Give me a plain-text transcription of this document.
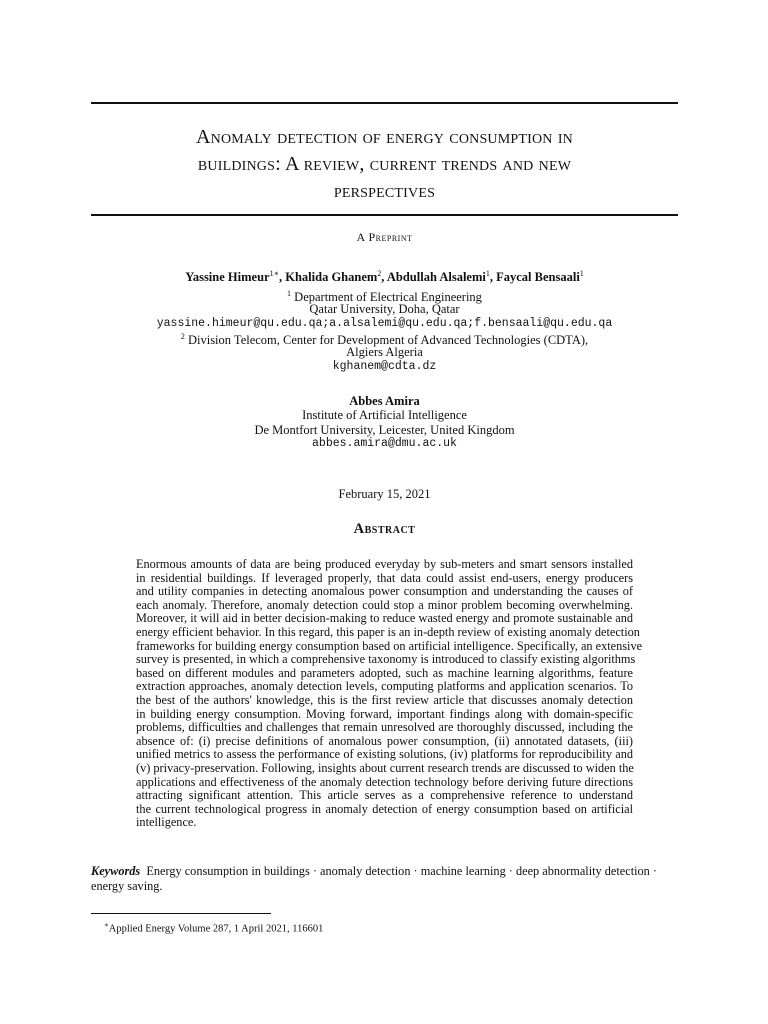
Anomaly detection of energy consumption in
buildings: A review, current trends and new
perspectives
A Preprint
Yassine Himeur$^{1∗}$, Khalida Ghanem$^2$, Abdullah Alsalemi$^1$, Faycal Bensaali$^1$
$^1$ Department of Electrical Engineering
Qatar University, Doha, Qatar
yassine.himeur@qu.edu.qa;a.alsalemi@qu.edu.qa;f.bensaali@qu.edu.qa
$^2$ Division Telecom, Center for Development of Advanced Technologies (CDTA),
Algiers Algeria
kghanem@cdta.dz
Abbes Amira
Institute of Artificial Intelligence
De Montfort University, Leicester, United Kingdom
abbes.amira@dmu.ac.uk
February 15, 2021
Abstract
Enormous amounts of data are being produced everyday by sub-meters and smart sensors installed
in residential buildings. If leveraged properly, that data could assist end-users, energy producers
and utility companies in detecting anomalous power consumption and understanding the causes of
each anomaly. Therefore, anomaly detection could stop a minor problem becoming overwhelming.
Moreover, it will aid in better decision-making to reduce wasted energy and promote sustainable and
energy efficient behavior. In this regard, this paper is an in-depth review of existing anomaly detection
frameworks for building energy consumption based on artificial intelligence. Specifically, an extensive
survey is presented, in which a comprehensive taxonomy is introduced to classify existing algorithms
based on different modules and parameters adopted, such as machine learning algorithms, feature
extraction approaches, anomaly detection levels, computing platforms and application scenarios. To
the best of the authors' knowledge, this is the first review article that discusses anomaly detection
in building energy consumption. Moving forward, important findings along with domain-specific
problems, difficulties and challenges that remain unresolved are thoroughly discussed, including the
absence of: (i) precise definitions of anomalous power consumption, (ii) annotated datasets, (iii)
unified metrics to assess the performance of existing solutions, (iv) platforms for reproducibility and
(v) privacy-preservation. Following, insights about current research trends are discussed to widen the
applications and effectiveness of the anomaly detection technology before deriving future directions
attracting significant attention. This article serves as a comprehensive reference to understand
the current technological progress in anomaly detection of energy consumption based on artificial
intelligence.
Keywords Energy consumption in buildings · anomaly detection · machine learning · deep abnormality detection ·
energy saving.
∗Applied Energy Volume 287, 1 April 2021, 116601
